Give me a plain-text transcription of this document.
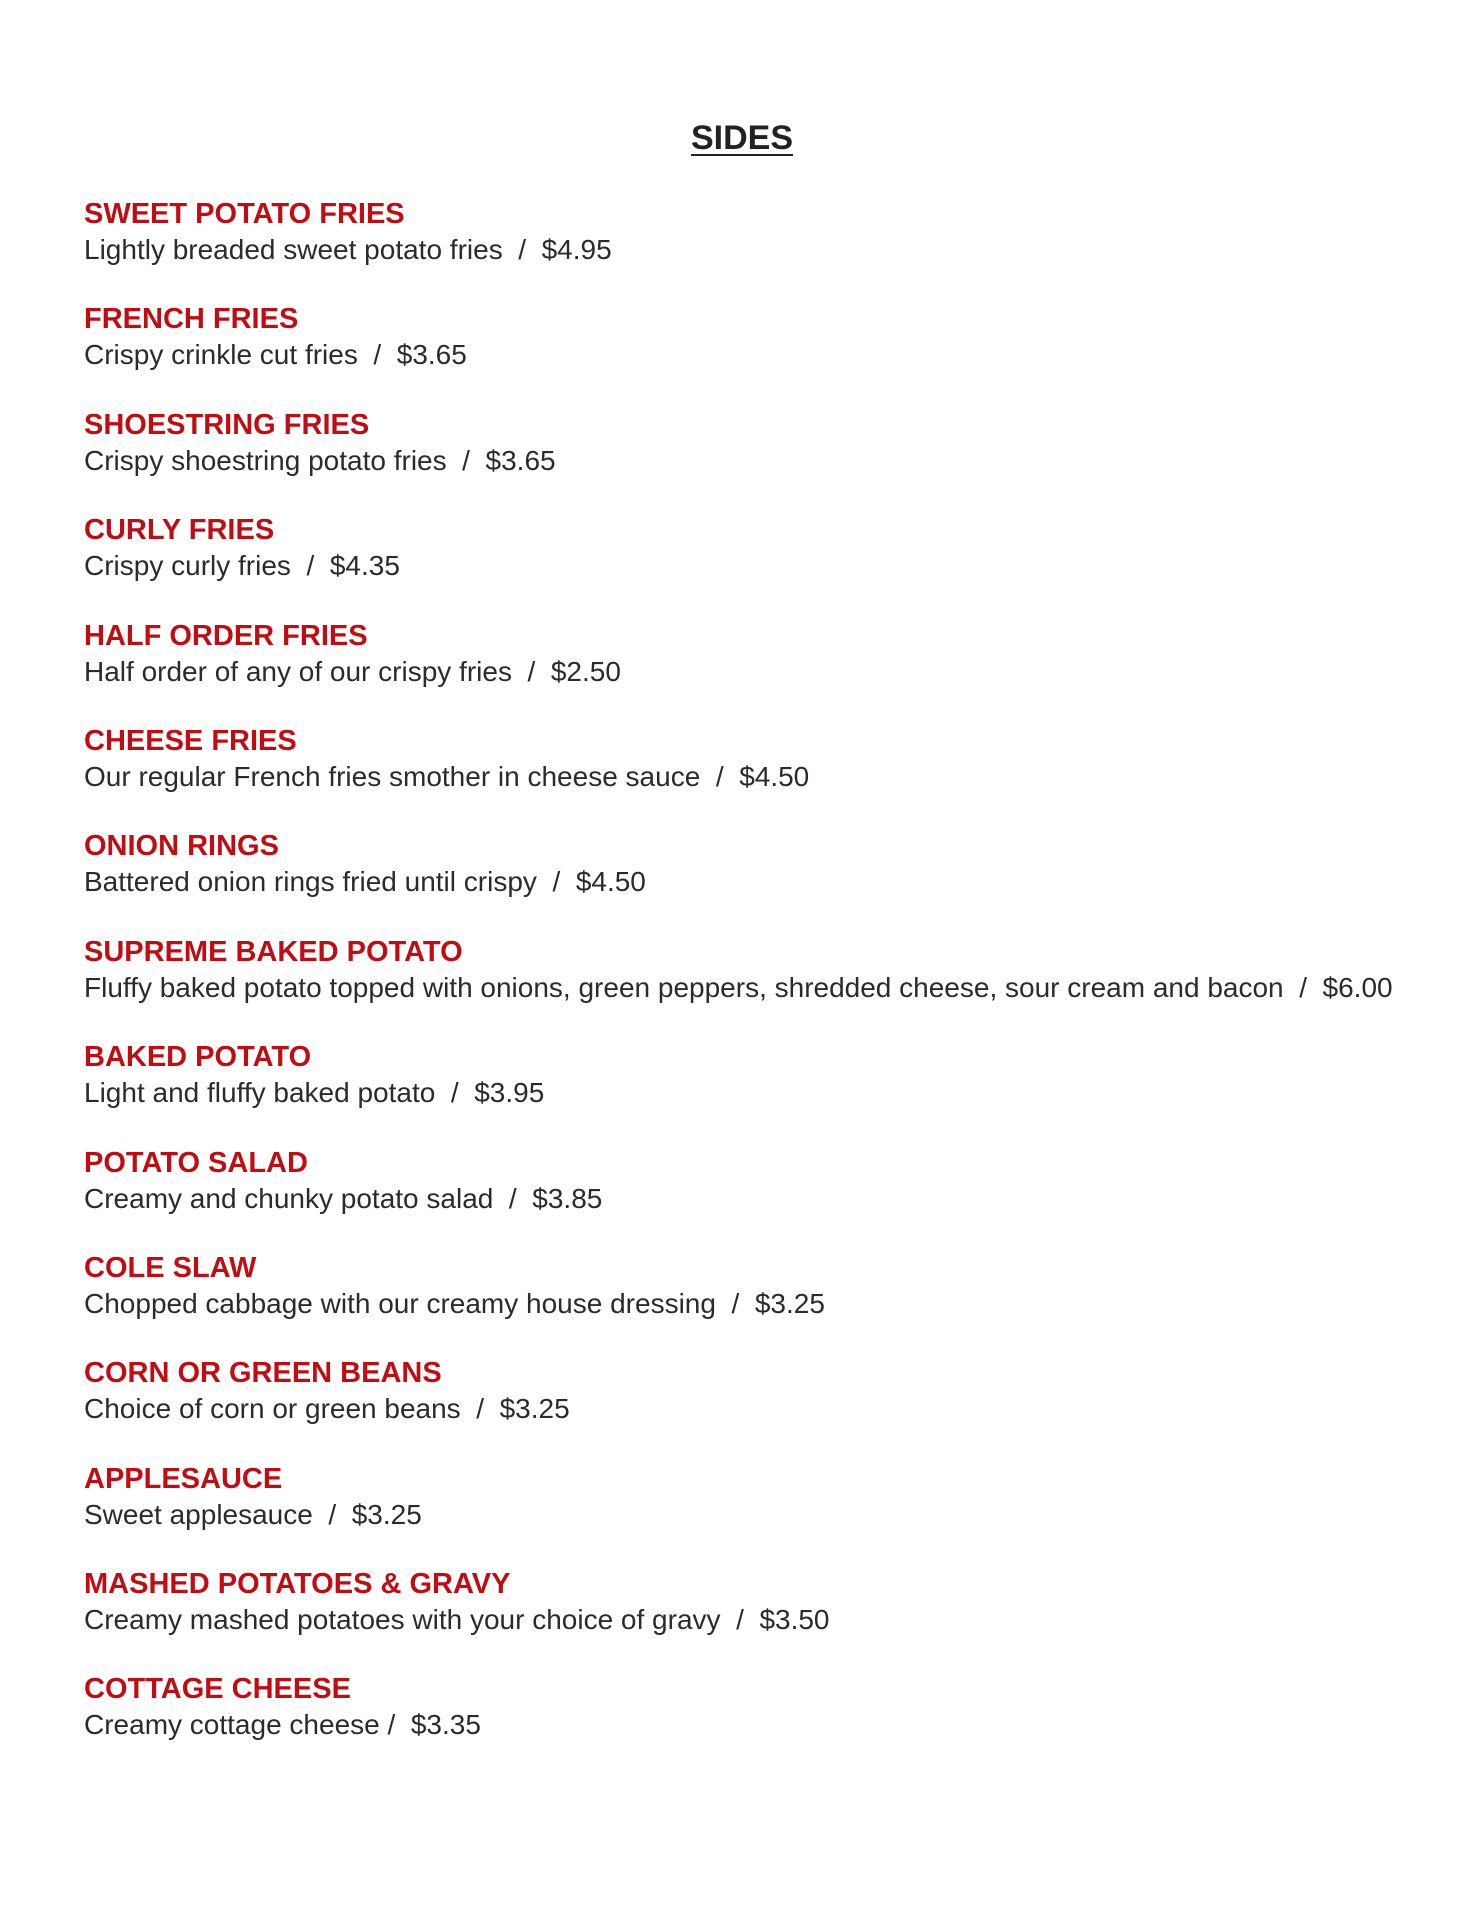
SIDES
SWEET POTATO FRIES
Lightly breaded sweet potato fries / $4.95
FRENCH FRIES
Crispy crinkle cut fries / $3.65
SHOESTRING FRIES
Crispy shoestring potato fries / $3.65
CURLY FRIES
Crispy curly fries / $4.35
HALF ORDER FRIES
Half order of any of our crispy fries / $2.50
CHEESE FRIES
Our regular French fries smother in cheese sauce / $4.50
ONION RINGS
Battered onion rings fried until crispy / $4.50
SUPREME BAKED POTATO
Fluffy baked potato topped with onions, green peppers, shredded cheese, sour cream and bacon / $6.00
BAKED POTATO
Light and fluffy baked potato / $3.95
POTATO SALAD
Creamy and chunky potato salad / $3.85
COLE SLAW
Chopped cabbage with our creamy house dressing / $3.25
CORN OR GREEN BEANS
Choice of corn or green beans / $3.25
APPLESAUCE
Sweet applesauce / $3.25
MASHED POTATOES & GRAVY
Creamy mashed potatoes with your choice of gravy / $3.50
COTTAGE CHEESE
Creamy cottage cheese / $3.35
